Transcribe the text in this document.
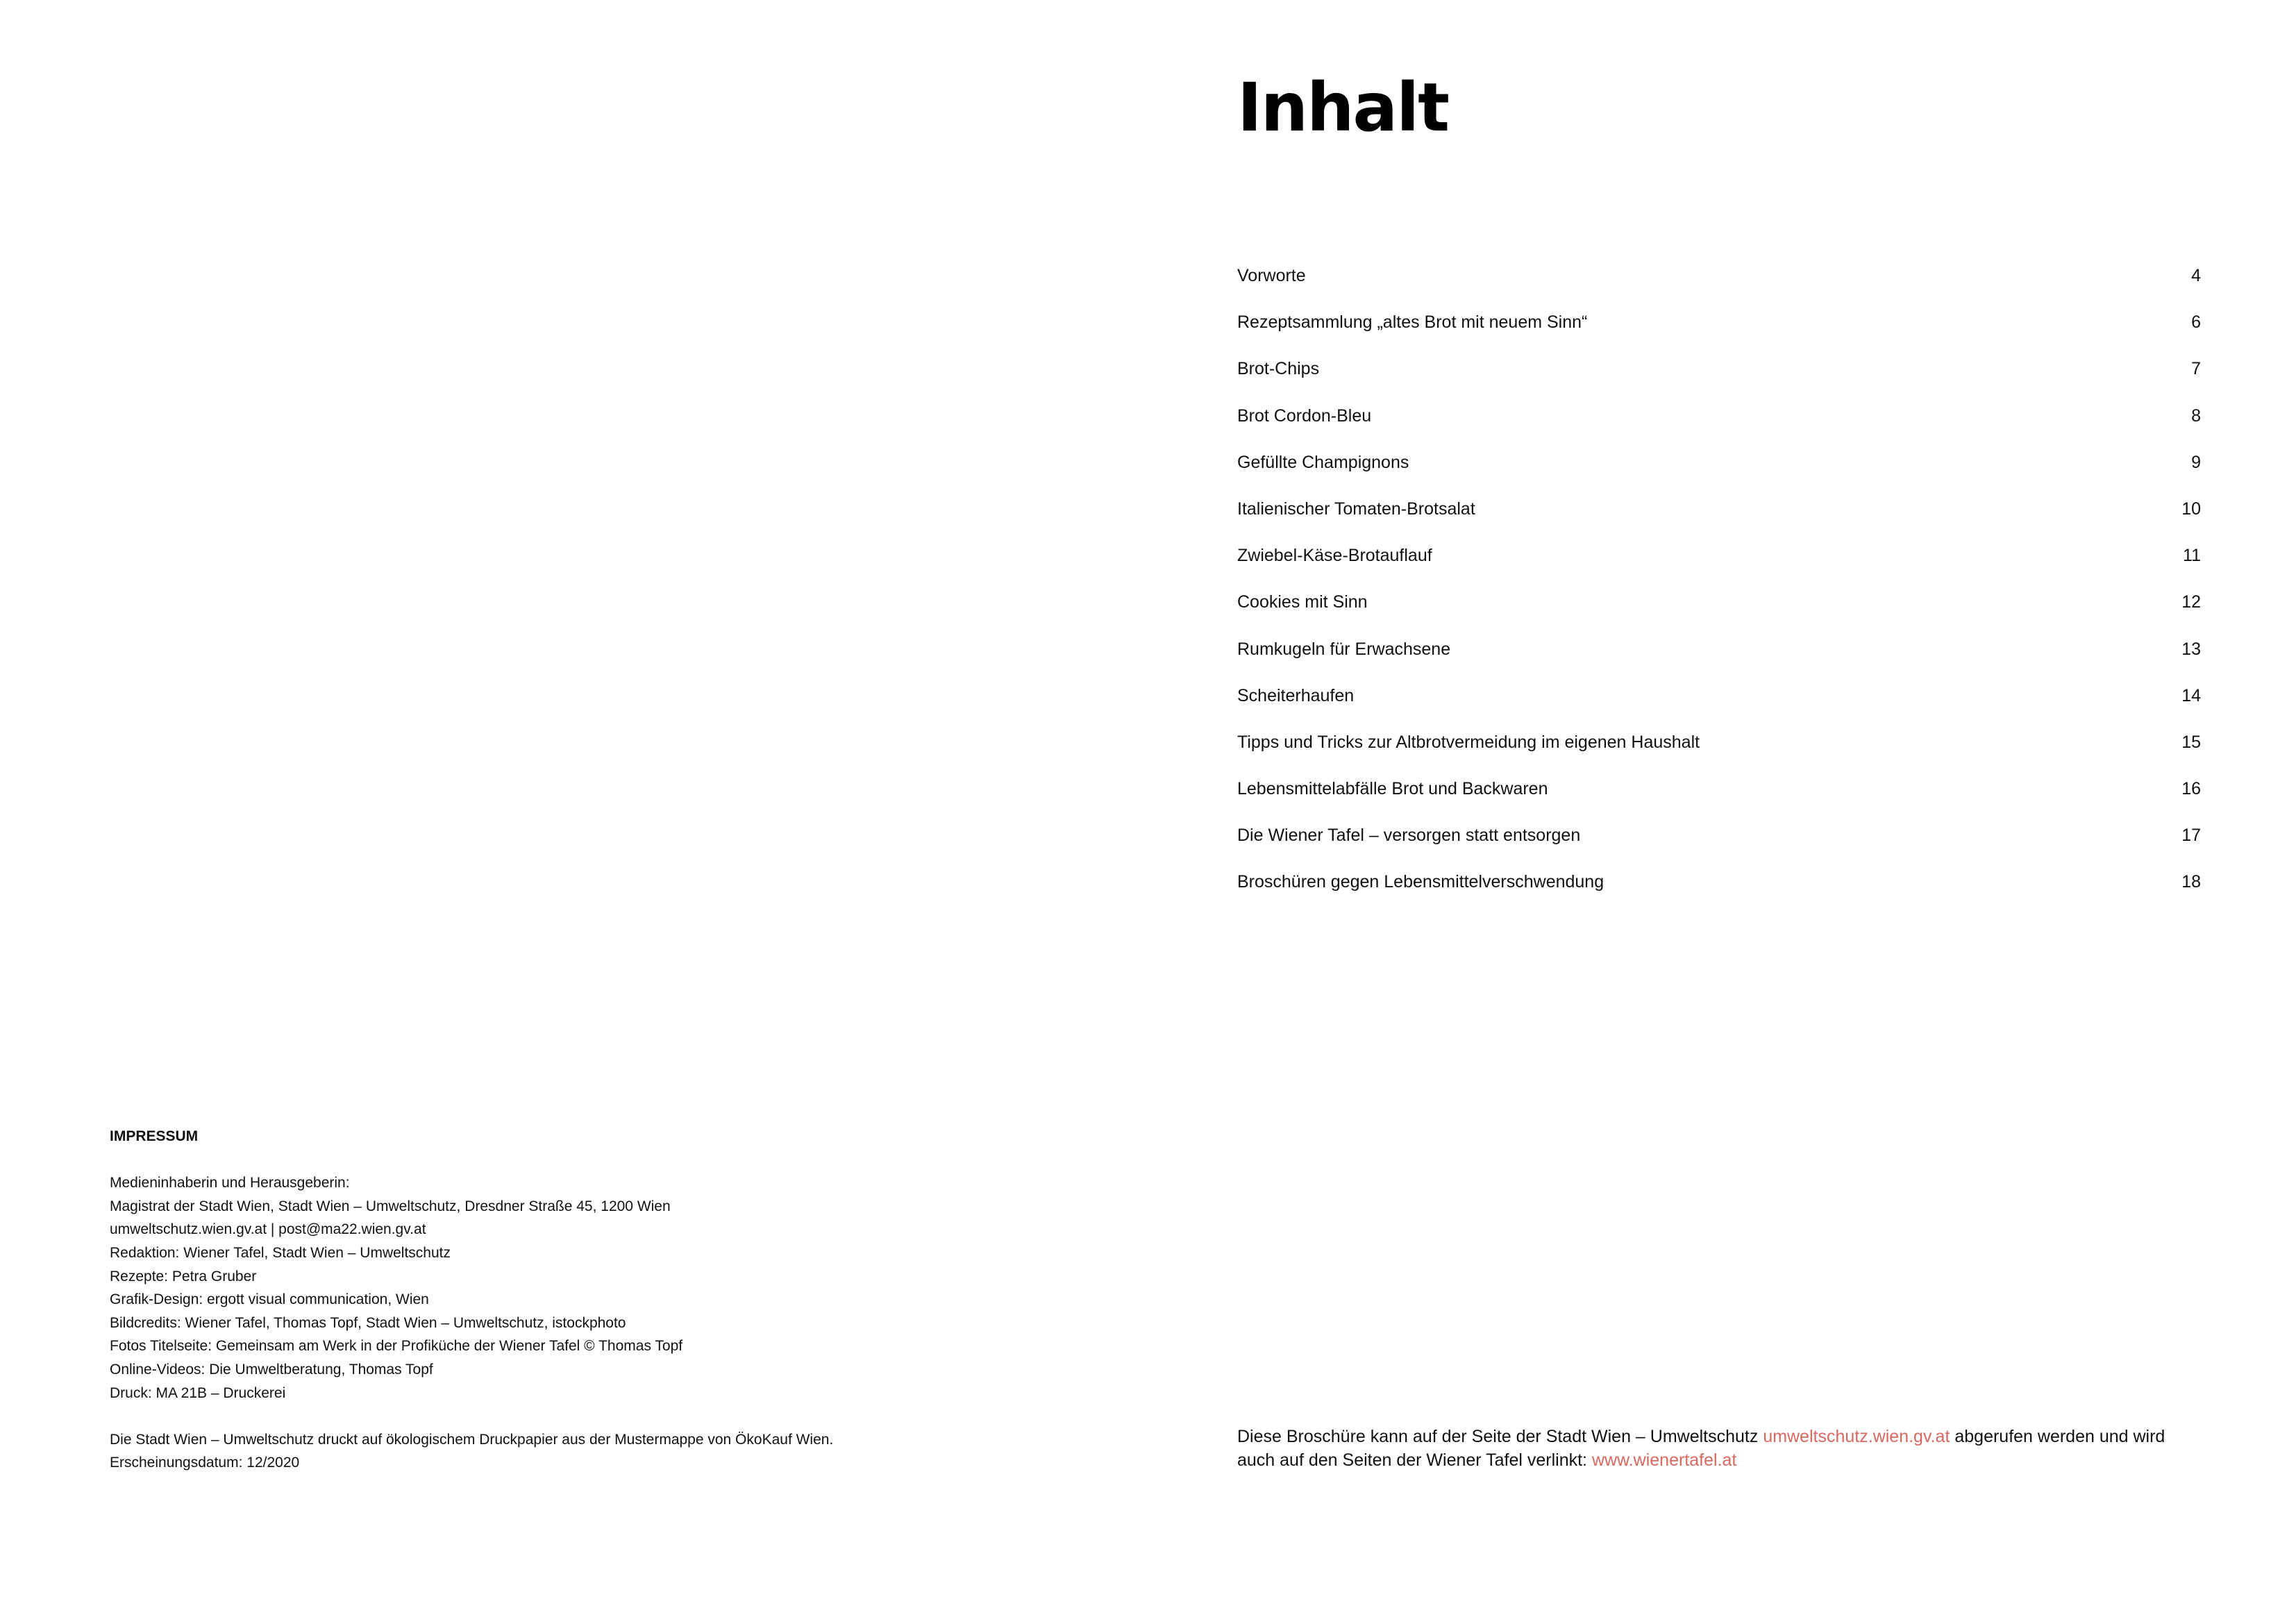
Inhalt
Vorworte	4
Rezeptsammlung „altes Brot mit neuem Sinn“	6
Brot-Chips	7
Brot Cordon-Bleu	8
Gefüllte Champignons	9
Italienischer Tomaten-Brotsalat	10
Zwiebel-Käse-Brotauflauf	11
Cookies mit Sinn	12
Rumkugeln für Erwachsene	13
Scheiterhaufen	14
Tipps und Tricks zur Altbrotvermeidung im eigenen Haushalt	15
Lebensmittelabfälle Brot und Backwaren	16
Die Wiener Tafel – versorgen statt entsorgen	17
Broschüren gegen Lebensmittelverschwendung	18
IMPRESSUM
Medieninhaberin und Herausgeberin:
Magistrat der Stadt Wien, Stadt Wien – Umweltschutz, Dresdner Straße 45, 1200 Wien
umweltschutz.wien.gv.at | post@ma22.wien.gv.at
Redaktion: Wiener Tafel, Stadt Wien – Umweltschutz
Rezepte: Petra Gruber
Grafik-Design: ergott visual communication, Wien
Bildcredits: Wiener Tafel, Thomas Topf, Stadt Wien – Umweltschutz, istockphoto
Fotos Titelseite: Gemeinsam am Werk in der Profiküche der Wiener Tafel © Thomas Topf
Online-Videos: Die Umweltberatung, Thomas Topf
Druck: MA 21B – Druckerei
Die Stadt Wien – Umweltschutz druckt auf ökologischem Druckpapier aus der Mustermappe von ÖkoKauf Wien.
Erscheinungsdatum: 12/2020
Diese Broschüre kann auf der Seite der Stadt Wien – Umweltschutz umweltschutz.wien.gv.at abgerufen werden und wird auch auf den Seiten der Wiener Tafel verlinkt: www.wienertafel.at
